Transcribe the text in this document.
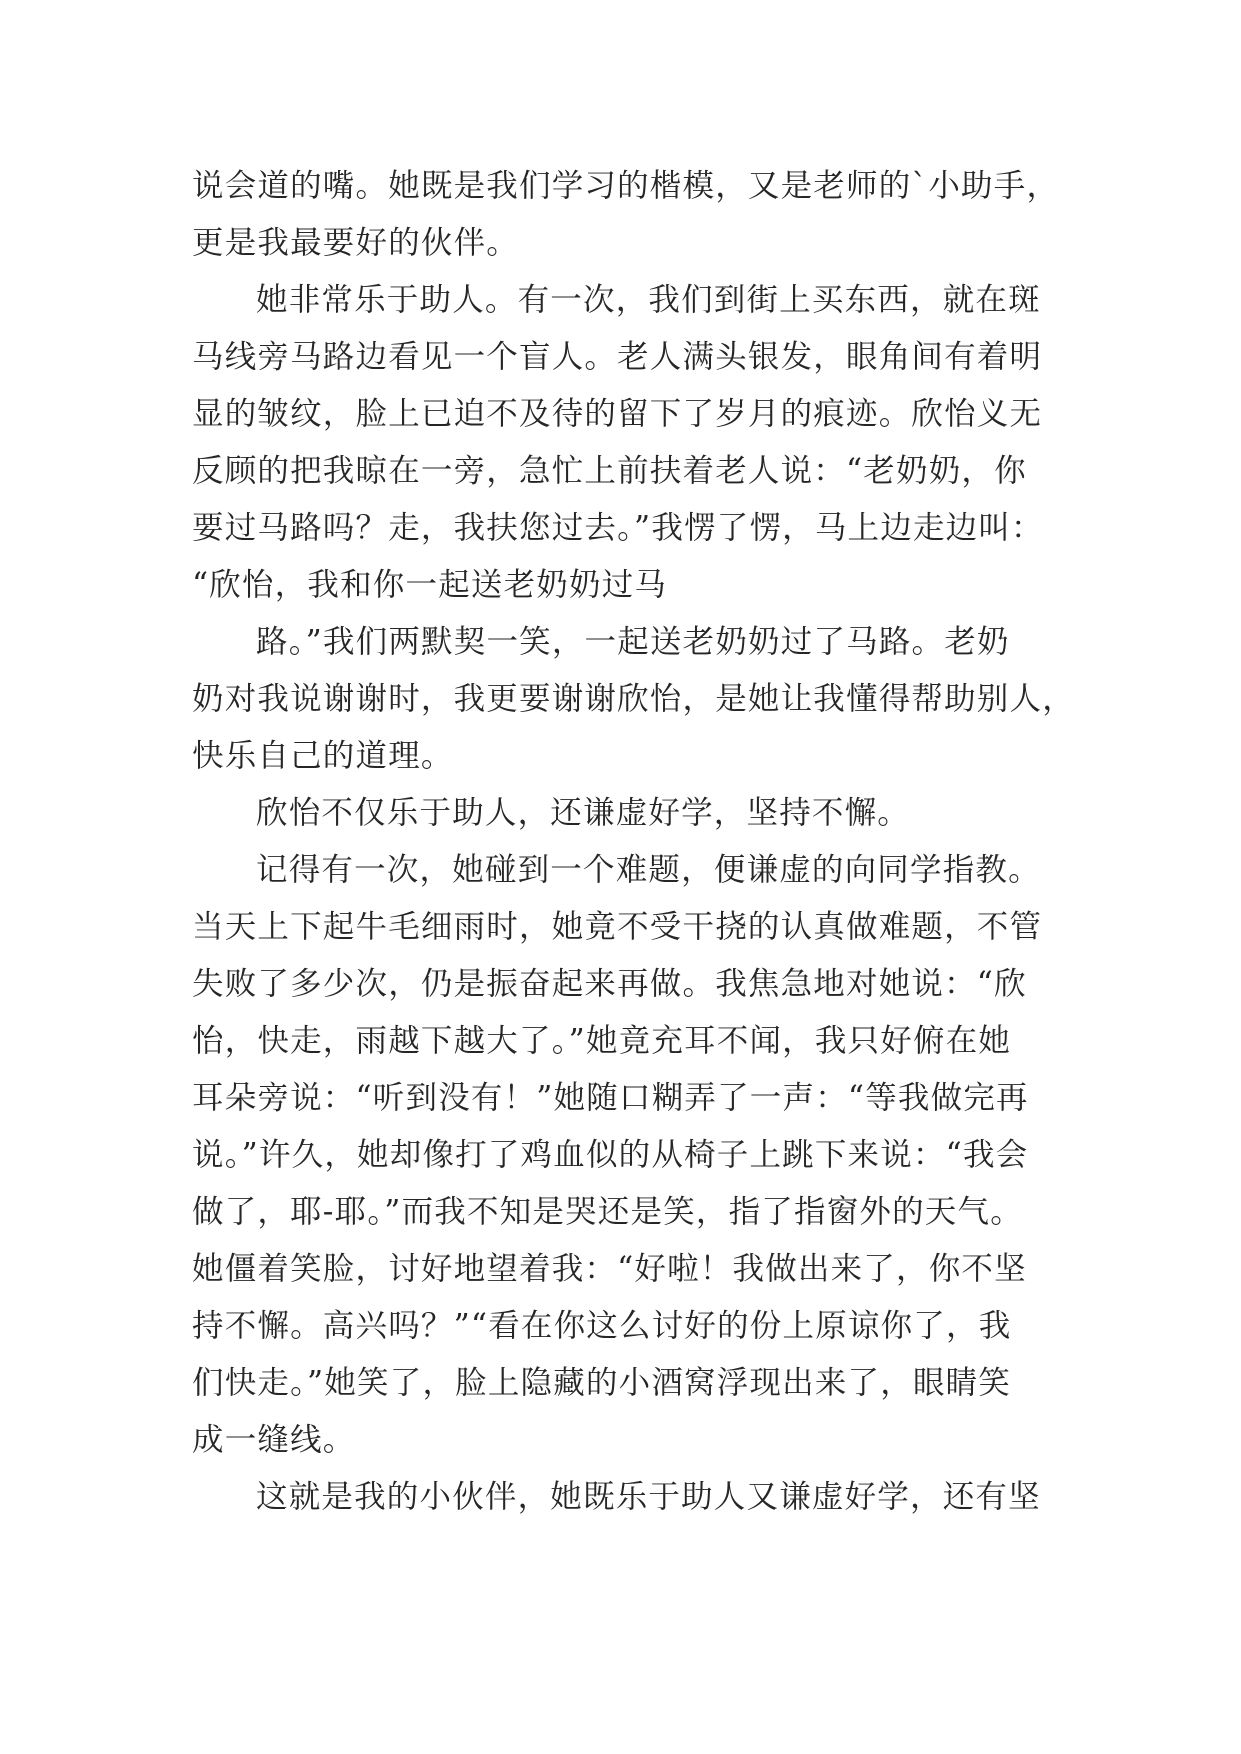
说会道的嘴。她既是我们学习的楷模，又是老师的`小助手，
更是我最要好的伙伴。
她非常乐于助人。有一次，我们到街上买东西，就在斑
马线旁马路边看见一个盲人。老人满头银发，眼角间有着明
显的皱纹，脸上已迫不及待的留下了岁月的痕迹。欣怡义无
反顾的把我晾在一旁，急忙上前扶着老人说：“老奶奶，你
要过马路吗？走，我扶您过去。”我愣了愣，马上边走边叫：
“欣怡，我和你一起送老奶奶过马
路。”我们两默契一笑，一起送老奶奶过了马路。老奶
奶对我说谢谢时，我更要谢谢欣怡，是她让我懂得帮助别人，
快乐自己的道理。
欣怡不仅乐于助人，还谦虚好学，坚持不懈。
记得有一次，她碰到一个难题，便谦虚的向同学指教。
当天上下起牛毛细雨时，她竟不受干挠的认真做难题，不管
失败了多少次，仍是振奋起来再做。我焦急地对她说：“欣
怡，快走，雨越下越大了。”她竟充耳不闻，我只好俯在她
耳朵旁说：“听到没有！”她随口糊弄了一声：“等我做完再
说。”许久，她却像打了鸡血似的从椅子上跳下来说：“我会
做了，耶-耶。”而我不知是哭还是笑，指了指窗外的天气。
她僵着笑脸，讨好地望着我：“好啦！我做出来了，你不坚
持不懈。高兴吗？”“看在你这么讨好的份上原谅你了，我
们快走。”她笑了，脸上隐藏的小酒窝浮现出来了，眼睛笑
成一缝线。
这就是我的小伙伴，她既乐于助人又谦虚好学，还有坚
